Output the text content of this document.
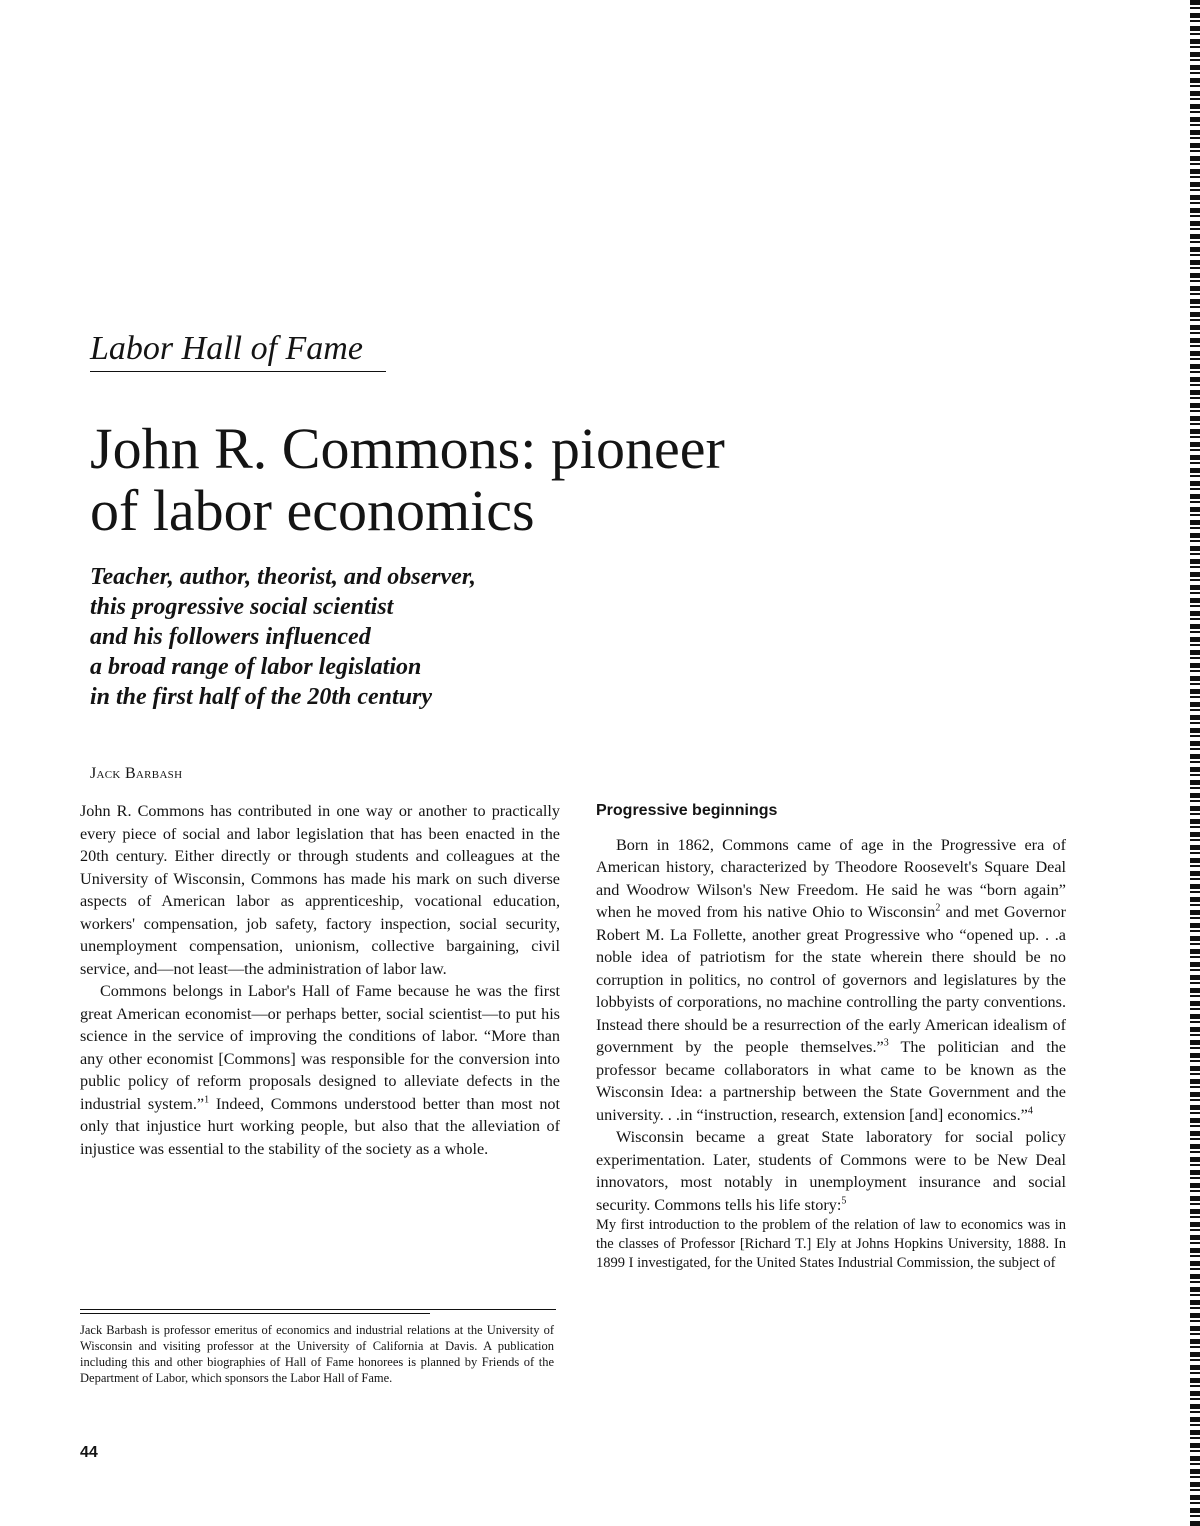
Labor Hall of Fame
John R. Commons: pioneer
of labor economics
Teacher, author, theorist, and observer,
this progressive social scientist
and his followers influenced
a broad range of labor legislation
in the first half of the 20th century
Jack Barbash

John R. Commons has contributed in one way or another to practically every piece of social and labor legislation that has been enacted in the 20th century. Either directly or through students and colleagues at the University of Wisconsin, Commons has made his mark on such diverse aspects of American labor as apprenticeship, vocational education, workers' compensation, job safety, factory inspection, social security, unemployment compensation, unionism, collective bargaining, civil service, and—not least—the administration of labor law.

Commons belongs in Labor's Hall of Fame because he was the first great American economist—or perhaps better, social scientist—to put his science in the service of improving the conditions of labor. “More than any other economist [Commons] was responsible for the conversion into public policy of reform proposals designed to alleviate defects in the industrial system.”$^1$ Indeed, Commons understood better than most not only that injustice hurt working people, but also that the alleviation of injustice was essential to the stability of the society as a whole.

Progressive beginnings

Born in 1862, Commons came of age in the Progressive era of American history, characterized by Theodore Roosevelt's Square Deal and Woodrow Wilson's New Freedom. He said he was “born again” when he moved from his native Ohio to Wisconsin$^2$ and met Governor Robert M. La Follette, another great Progressive who “opened up. . .a noble idea of patriotism for the state wherein there should be no corruption in politics, no control of governors and legislatures by the lobbyists of corporations, no machine controlling the party conventions. Instead there should be a resurrection of the early American idealism of government by the people themselves.”$^3$ The politician and the professor became collaborators in what came to be known as the Wisconsin Idea: a partnership between the State Government and the university. . .in “instruction, research, extension [and] economics.”$^4$

Wisconsin became a great State laboratory for social policy experimentation. Later, students of Commons were to be New Deal innovators, most notably in unemployment insurance and social security. Commons tells his life story:$^5$

My first introduction to the problem of the relation of law to economics was in the classes of Professor [Richard T.] Ely at Johns Hopkins University, 1888. In 1899 I investigated, for the United States Industrial Commission, the subject of

Jack Barbash is professor emeritus of economics and industrial relations at the University of Wisconsin and visiting professor at the University of California at Davis. A publication including this and other biographies of Hall of Fame honorees is planned by Friends of the Department of Labor, which sponsors the Labor Hall of Fame.

44
